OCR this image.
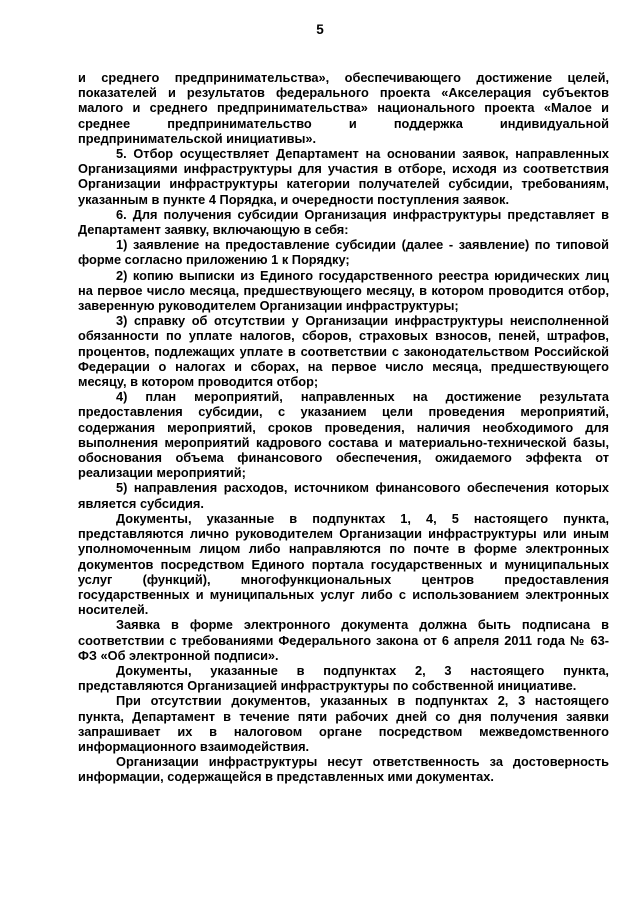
5

и среднего предпринимательства», обеспечивающего достижение целей, показателей и результатов федерального проекта «Акселерация субъектов малого и среднего предпринимательства» национального проекта «Малое и среднее предпринимательство и поддержка индивидуальной предпринимательской инициативы».

5. Отбор осуществляет Департамент на основании заявок, направленных Организациями инфраструктуры для участия в отборе, исходя из соответствия Организации инфраструктуры категории получателей субсидии, требованиям, указанным в пункте 4 Порядка, и очередности поступления заявок.

6. Для получения субсидии Организация инфраструктуры представляет в Департамент заявку, включающую в себя:

1) заявление на предоставление субсидии (далее - заявление) по типовой форме согласно приложению 1 к Порядку;

2) копию выписки из Единого государственного реестра юридических лиц на первое число месяца, предшествующего месяцу, в котором проводится отбор, заверенную руководителем Организации инфраструктуры;

3) справку об отсутствии у Организации инфраструктуры неисполненной обязанности по уплате налогов, сборов, страховых взносов, пеней, штрафов, процентов, подлежащих уплате в соответствии с законодательством Российской Федерации о налогах и сборах, на первое число месяца, предшествующего месяцу, в котором проводится отбор;

4) план мероприятий, направленных на достижение результата предоставления субсидии, с указанием цели проведения мероприятий, содержания мероприятий, сроков проведения, наличия необходимого для выполнения мероприятий кадрового состава и материально-технической базы, обоснования объема финансового обеспечения, ожидаемого эффекта от реализации мероприятий;

5) направления расходов, источником финансового обеспечения которых является субсидия.

Документы, указанные в подпунктах 1, 4, 5 настоящего пункта, представляются лично руководителем Организации инфраструктуры или иным уполномоченным лицом либо направляются по почте в форме электронных документов посредством Единого портала государственных и муниципальных услуг (функций), многофункциональных центров предоставления государственных и муниципальных услуг либо с использованием электронных носителей.

Заявка в форме электронного документа должна быть подписана в соответствии с требованиями Федерального закона от 6 апреля 2011 года № 63-ФЗ «Об электронной подписи».

Документы, указанные в подпунктах 2, 3 настоящего пункта, представляются Организацией инфраструктуры по собственной инициативе.

При отсутствии документов, указанных в подпунктах 2, 3 настоящего пункта, Департамент в течение пяти рабочих дней со дня получения заявки запрашивает их в налоговом органе посредством межведомственного информационного взаимодействия.

Организации инфраструктуры несут ответственность за достоверность информации, содержащейся в представленных ими документах.
